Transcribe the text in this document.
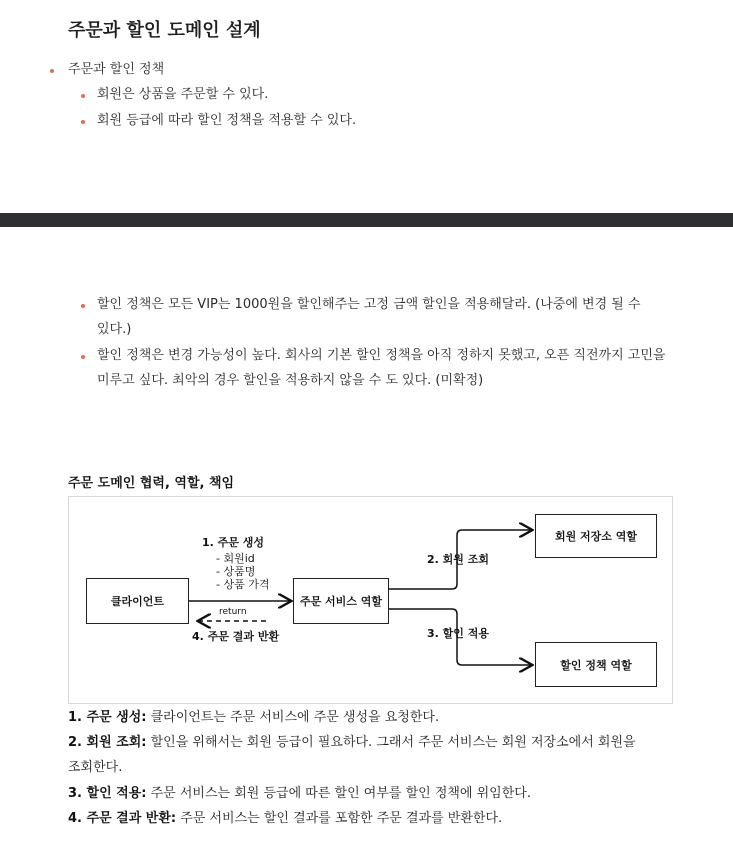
주문과 할인 도메인 설계
주문과 할인 정책
회원은 상품을 주문할 수 있다.
회원 등급에 따라 할인 정책을 적용할 수 있다.
할인 정책은 모든 VIP는 1000원을 할인해주는 고정 금액 할인을 적용해달라. (나중에 변경 될 수
있다.)
할인 정책은 변경 가능성이 높다. 회사의 기본 할인 정책을 아직 정하지 못했고, 오픈 직전까지 고민을
미루고 싶다. 최악의 경우 할인을 적용하지 않을 수 도 있다. (미확정)
주문 도메인 협력, 역할, 책임
클라이언트	주문 서비스 역할
회원 저장소 역할
할인 정책 역할
1. 주문 생성
- 회원id
- 상품명
- 상품 가격
return
4. 주문 결과 반환
2. 회원 조회
3. 할인 적용
1. 주문 생성: 클라이언트는 주문 서비스에 주문 생성을 요청한다.
2. 회원 조회: 할인을 위해서는 회원 등급이 필요하다. 그래서 주문 서비스는 회원 저장소에서 회원을
조회한다.
3. 할인 적용: 주문 서비스는 회원 등급에 따른 할인 여부를 할인 정책에 위임한다.
4. 주문 결과 반환: 주문 서비스는 할인 결과를 포함한 주문 결과를 반환한다.
